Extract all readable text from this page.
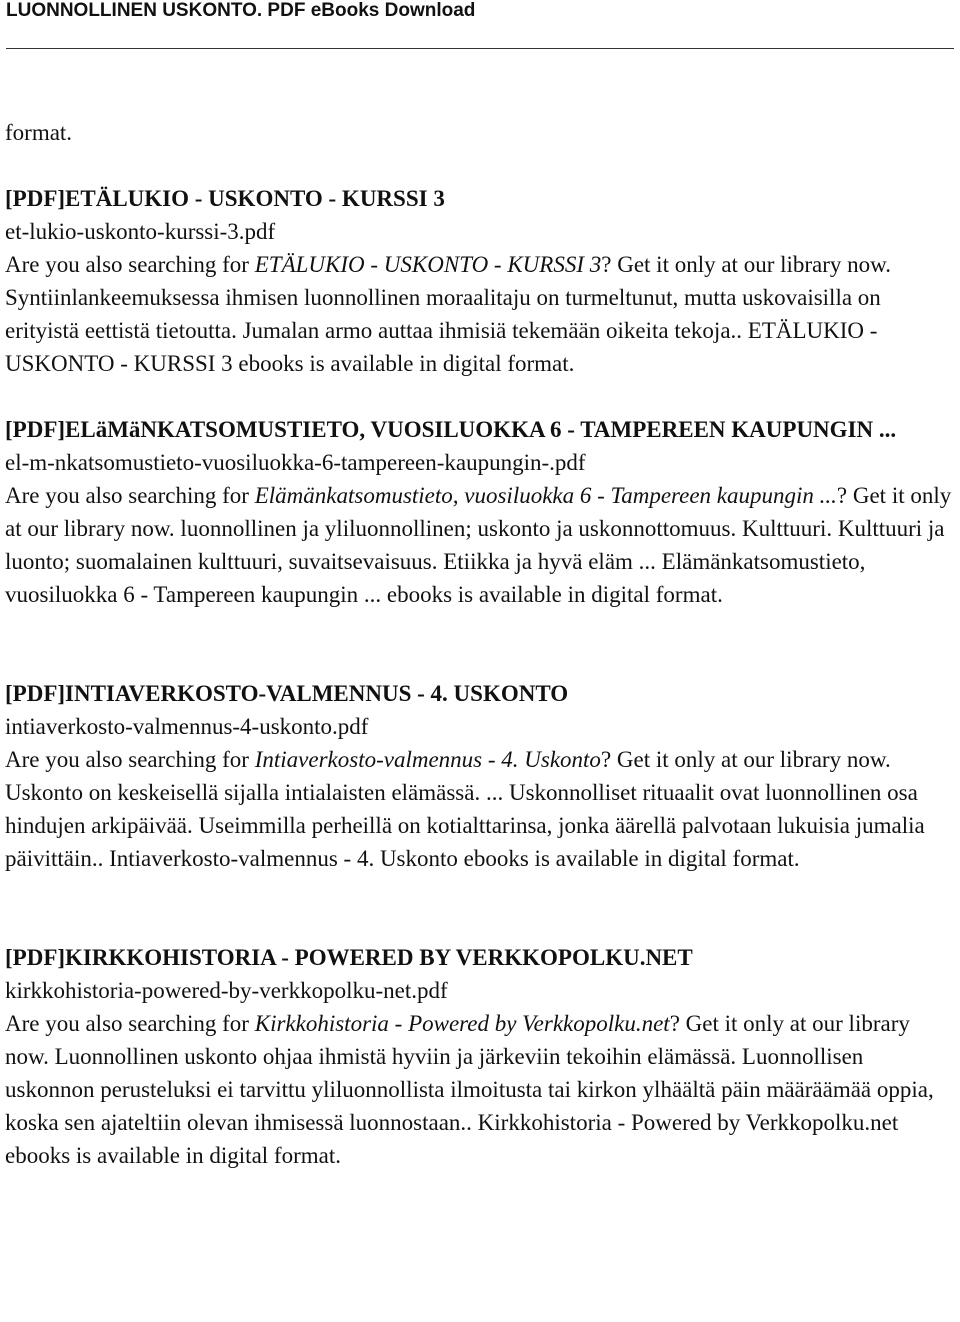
LUONNOLLINEN USKONTO. PDF eBooks Download

format.

[PDF]ETÄLUKIO - USKONTO - KURSSI 3
et-lukio-uskonto-kurssi-3.pdf

Are you also searching for ETÄLUKIO - USKONTO - KURSSI 3? Get it only at our library now. Syntiinlankeemuksessa ihmisen luonnollinen moraalitaju on turmeltunut, mutta uskovaisilla on erityistä eettistä tietoutta. Jumalan armo auttaa ihmisiä tekemään oikeita tekoja.. ETÄLUKIO - USKONTO - KURSSI 3 ebooks is available in digital format.

[PDF]ELäMäNKATSOMUSTIETO, VUOSILUOKKA 6 - TAMPEREEN KAUPUNGIN ...
el-m-nkatsomustieto-vuosiluokka-6-tampereen-kaupungin-.pdf

Are you also searching for Elämänkatsomustieto, vuosiluokka 6 - Tampereen kaupungin ...? Get it only at our library now. luonnollinen ja yliluonnollinen; uskonto ja uskonnottomuus. Kulttuuri. Kulttuuri ja luonto; suomalainen kulttuuri, suvaitsevaisuus. Etiikka ja hyvä eläm ... Elämänkatsomustieto, vuosiluokka 6 - Tampereen kaupungin ... ebooks is available in digital format.

[PDF]INTIAVERKOSTO-VALMENNUS - 4. USKONTO
intiaverkosto-valmennus-4-uskonto.pdf

Are you also searching for Intiaverkosto-valmennus - 4. Uskonto? Get it only at our library now. Uskonto on keskeisellä sijalla intialaisten elämässä. ... Uskonnolliset rituaalit ovat luonnollinen osa hindujen arkipäivää. Useimmilla perheillä on kotialttarinsa, jonka äärellä palvotaan lukuisia jumalia päivittäin.. Intiaverkosto-valmennus - 4. Uskonto ebooks is available in digital format.

[PDF]KIRKKOHISTORIA - POWERED BY VERKKOPOLKU.NET
kirkkohistoria-powered-by-verkkopolku-net.pdf

Are you also searching for Kirkkohistoria - Powered by Verkkopolku.net? Get it only at our library now. Luonnollinen uskonto ohjaa ihmistä hyviin ja järkeviin tekoihin elämässä. Luonnollisen uskonnon perusteluksi ei tarvittu yliluonnollista ilmoitusta tai kirkon ylhäältä päin määräämää oppia, koska sen ajateltiin olevan ihmisessä luonnostaan.. Kirkkohistoria - Powered by Verkkopolku.net ebooks is available in digital format.
